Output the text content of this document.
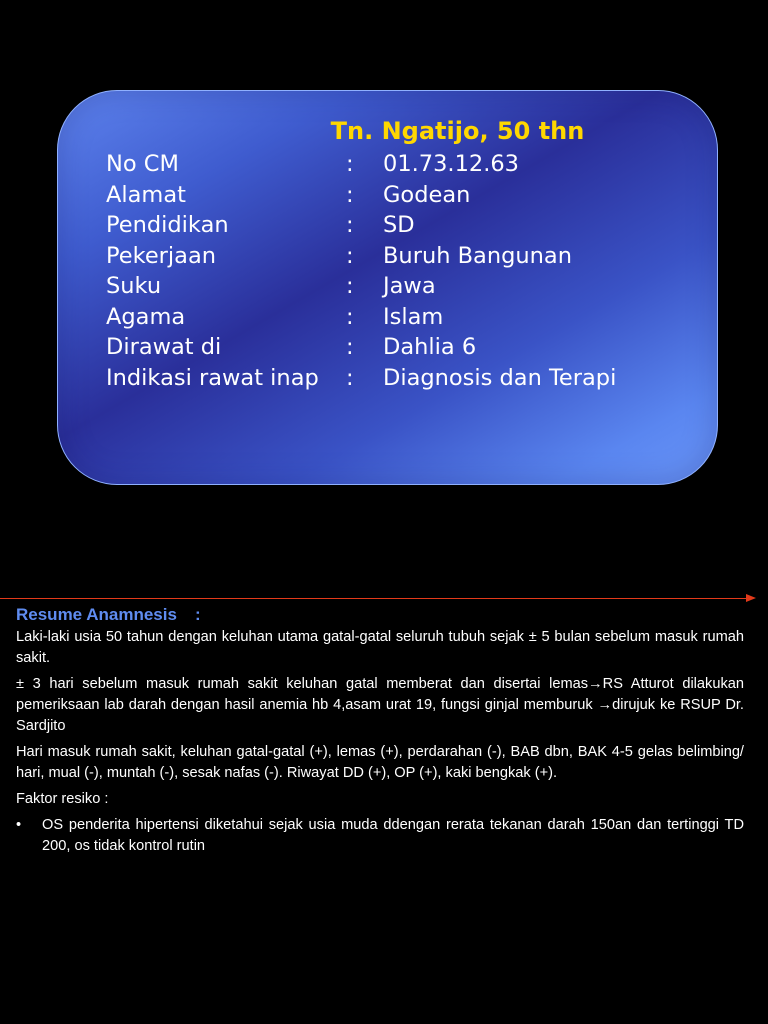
Tn. Ngatijo, 50 thn
No CM	:	01.73.12.63
Alamat	:	Godean
Pendidikan	:	SD
Pekerjaan	:	Buruh Bangunan
Suku	:	Jawa
Agama	:	Islam
Dirawat di	:	Dahlia 6
Indikasi rawat inap	:	Diagnosis dan Terapi
Resume Anamnesis :

Laki-laki usia 50 tahun dengan keluhan utama gatal-gatal seluruh tubuh sejak ± 5 bulan sebelum masuk rumah sakit.

± 3 hari sebelum masuk rumah sakit keluhan gatal memberat dan disertai lemas→RS Atturot dilakukan pemeriksaan lab darah dengan hasil anemia hb 4,asam urat 19, fungsi ginjal memburuk →dirujuk ke RSUP Dr. Sardjito

Hari masuk rumah sakit, keluhan gatal-gatal (+), lemas (+), perdarahan (-), BAB dbn, BAK 4-5 gelas belimbing/ hari, mual (-), muntah (-), sesak nafas (-). Riwayat DD (+), OP (+), kaki bengkak (+).

Faktor resiko :

• OS penderita hipertensi diketahui sejak usia muda ddengan rerata tekanan darah 150an dan tertinggi TD 200, os tidak kontrol rutin
